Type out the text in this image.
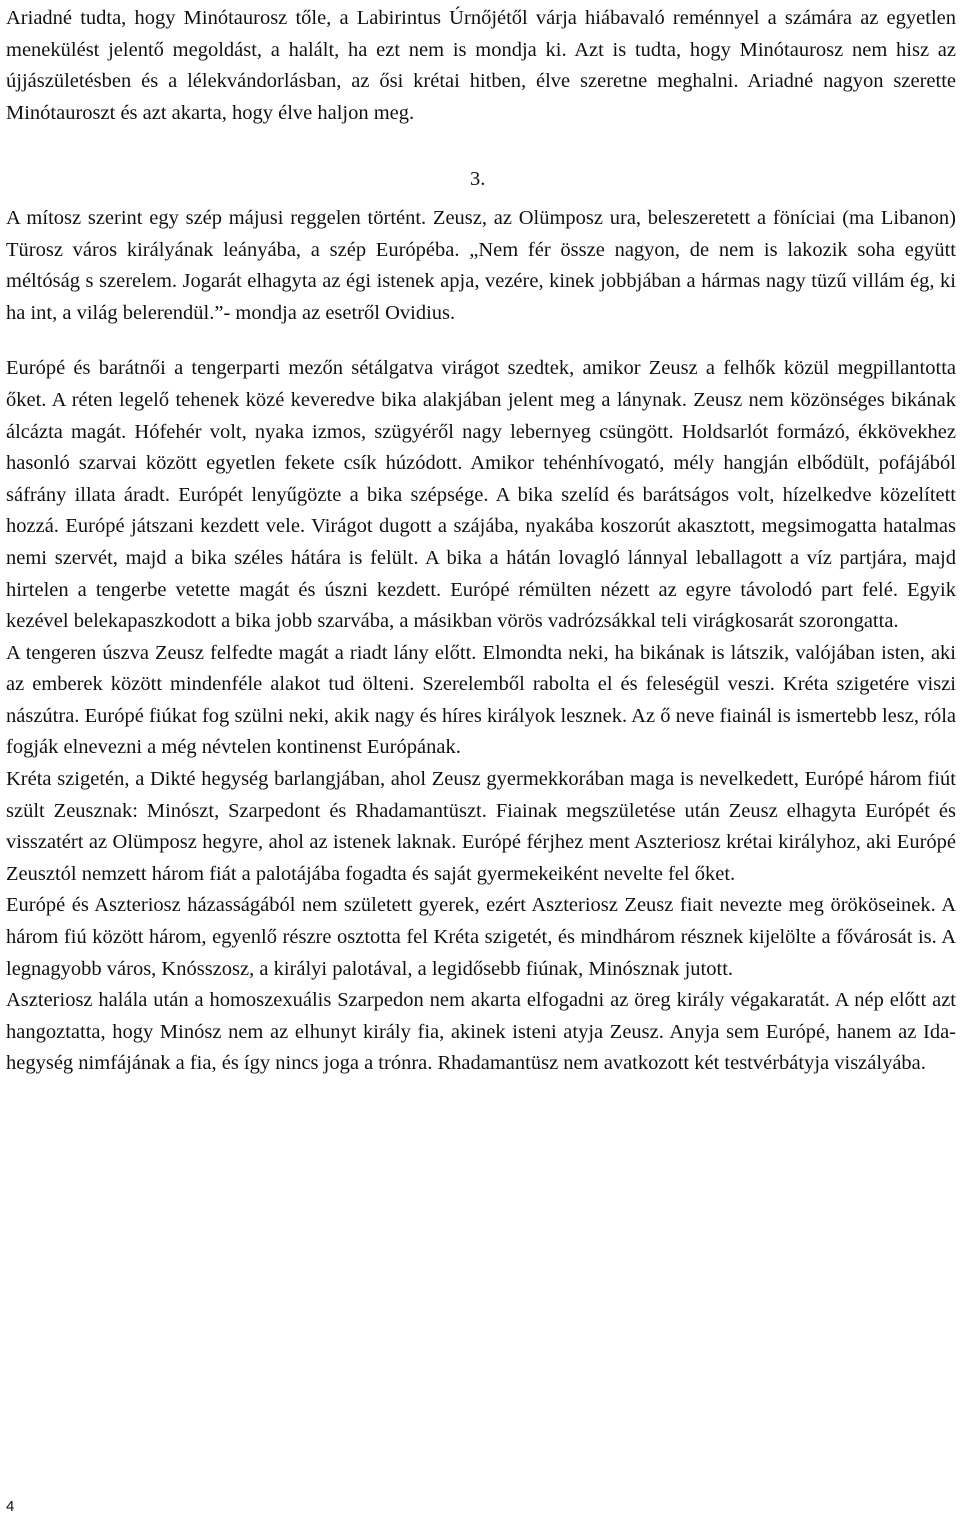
Ariadné tudta, hogy Minótaurosz tőle, a Labirintus Úrnőjétől várja hiábavaló reménnyel a számára az egyetlen menekülést jelentő megoldást, a halált, ha ezt nem is mondja ki. Azt is tudta, hogy Minótaurosz nem hisz az újjászületésben és a lélekvándorlásban, az ősi krétai hitben, élve szeretne meghalni. Ariadné nagyon szerette Minótauroszt és azt akarta, hogy élve haljon meg.

3.

A mítosz szerint egy szép májusi reggelen történt. Zeusz, az Olümposz ura, beleszeretett a föníciai (ma Libanon) Türosz város királyának leányába, a szép Európéba. „Nem fér össze nagyon, de nem is lakozik soha együtt méltóság s szerelem. Jogarát elhagyta az égi istenek apja, vezére, kinek jobbjában a hármas nagy tüzű villám ég, ki ha int, a világ belerendül.”- mondja az esetről Ovidius.

Európé és barátnői a tengerparti mezőn sétálgatva virágot szedtek, amikor Zeusz a felhők közül megpillantotta őket. A réten legelő tehenek közé keveredve bika alakjában jelent meg a lánynak. Zeusz nem közönséges bikának álcázta magát. Hófehér volt, nyaka izmos, szügyéről nagy lebernyeg csüngött. Holdsarlót formázó, ékkövekhez hasonló szarvai között egyetlen fekete csík húzódott. Amikor tehénhívogató, mély hangján elbődült, pofájából sáfrány illata áradt. Európét lenyűgözte a bika szépsége. A bika szelíd és barátságos volt, hízelkedve közelített hozzá. Európé játszani kezdett vele. Virágot dugott a szájába, nyakába koszorút akasztott, megsimogatta hatalmas nemi szervét, majd a bika széles hátára is felült. A bika a hátán lovagló lánnyal leballagott a víz partjára, majd hirtelen a tengerbe vetette magát és úszni kezdett. Európé rémülten nézett az egyre távolodó part felé. Egyik kezével belekapaszkodott a bika jobb szarvába, a másikban vörös vadrózsákkal teli virágkosarát szorongatta.

A tengeren úszva Zeusz felfedte magát a riadt lány előtt. Elmondta neki, ha bikának is látszik, valójában isten, aki az emberek között mindenféle alakot tud ölteni. Szerelemből rabolta el és feleségül veszi. Kréta szigetére viszi nászútra. Európé fiúkat fog szülni neki, akik nagy és híres királyok lesznek. Az ő neve fiainál is ismertebb lesz, róla fogják elnevezni a még névtelen kontinenst Európának.

Kréta szigetén, a Dikté hegység barlangjában, ahol Zeusz gyermekkorában maga is nevelkedett, Európé három fiút szült Zeusznak: Minószt, Szarpedont és Rhadamantüszt. Fiainak megszületése után Zeusz elhagyta Európét és visszatért az Olümposz hegyre, ahol az istenek laknak. Európé férjhez ment Aszteriosz krétai királyhoz, aki Európé Zeusztól nemzett három fiát a palotájába fogadta és saját gyermekeiként nevelte fel őket.

Európé és Aszteriosz házasságából nem született gyerek, ezért Aszteriosz Zeusz fiait nevezte meg örököseinek. A három fiú között három, egyenlő részre osztotta fel Kréta szigetét, és mindhárom résznek kijelölte a fővárosát is. A legnagyobb város, Knósszosz, a királyi palotával, a legidősebb fiúnak, Minósznak jutott.

Aszteriosz halála után a homoszexuális Szarpedon nem akarta elfogadni az öreg király végakaratát. A nép előtt azt hangoztatta, hogy Minósz nem az elhunyt király fia, akinek isteni atyja Zeusz. Anyja sem Európé, hanem az Ida-hegység nimfájának a fia, és így nincs joga a trónra. Rhadamantüsz nem avatkozott két testvérbátyja viszályába.

4
